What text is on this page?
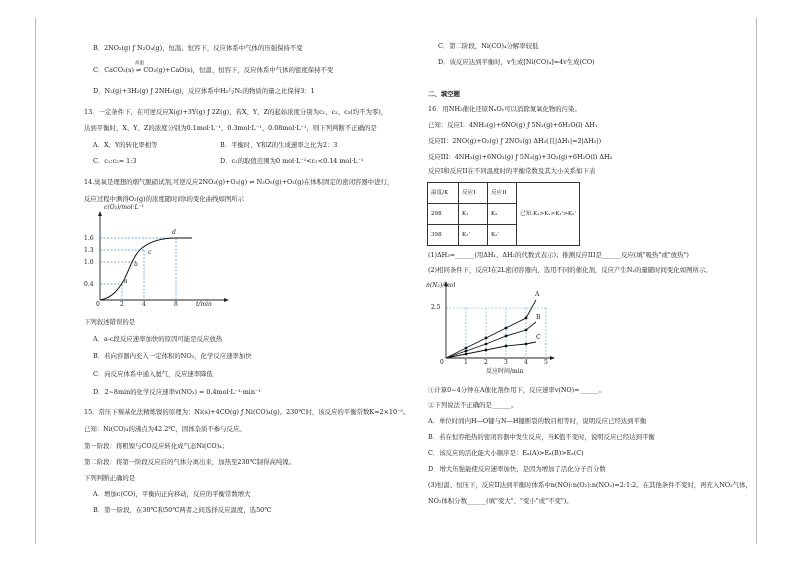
B．2NO₂(g) ƒ N₂O₄(g)，恒温、恒容下，反应体系中气体的压强保持不变
C．CaCO₃(s) ⇌ CO₂(g)+CaO(s)，恒温、恒容下，反应体系中气体的密度保持不变
高温
D．N₂(g)+3H₂(g) ƒ 2NH₃(g)，反应体系中H₂与N₂的物质的量之比保持3：1
13．一定条件下，在可逆反应X(g)+3Y(g) ƒ 2Z(g)，若X、Y、Z的起始浓度分别为c₁、c₂、c₃(均不为零)，
达到平衡时，X、Y、Z的浓度分别为0.1mol·L⁻¹、0.3mol·L⁻¹、0.08mol·L⁻¹，则下列判断不正确的是
A．X、Y的转化率相等	B．平衡时，Y和Z的生成速率之比为2：3
C．c₁:c₂= 1:3	D．c₁的取值范围为0 mol·L⁻¹<c₁<0.14 mol·L⁻¹
14.臭氧是理想的烟气脱硝试剂,可逆反应2NO₂(g)+O₃(g) ⇌ N₂O₅(g)+O₂(g)在体积固定的密闭容器中进行，
反应过程中测得O₂(g)的浓度随时间t的变化曲线如图所示
c(O₂)/mol·L⁻¹
1.6
1.3
1.0
0.4
0	2	4	8	t/min
a
b
c
d
下列叙述错误的是
A．a-c段反应速率加快的原因可能是反应放热
B．若向容器内充入一定体积的NO₂，化学反应速率加快
C．向反应体系中通入氦气，反应速率降低
D．2~8min的化学反应速率v(NO₂) = 0.4mol·L⁻¹·min⁻¹
15．常压下羰基化法精炼镍的原理为：Ni(s)+4CO(g) ƒ Ni(CO)₄(g)。230℃时，该反应的平衡常数K=2×10⁻⁵。
已知：Ni(CO)₄的沸点为42.2℃，固体杂质不参与反应。
第一阶段：将粗镍与CO反应转化成气态Ni(CO)₄；
第二阶段：将第一阶段反应后的气体分离出来，加热至230℃制得高纯镍。
下列判断正确的是
A．增加c(CO)，平衡向正向移动，反应的平衡常数增大
B．第一阶段，在30℃和50℃两者之间选择反应温度，选50℃
C．第二阶段，Ni(CO)₄分解率较低
D．该反应达到平衡时，v生成[Ni(CO)₄]=4v生成(CO)
二、填空题
16．用NH₃催化还原NₓOᵧ可以消除氮氧化物的污染。
已知：反应I：4NH₃(g)+6NO(g) ƒ 5N₂(g)+6H₂O(l) ΔH₁
反应II：2NO(g)+O₂(g) ƒ 2NO₂(g) ΔH₂(且|ΔH₁|=2|ΔH₂|)
反应III：4NH₃(g)+6NO₂(g) ƒ 5N₂(g)+3O₂(g)+6H₂O(l) ΔH₃
反应I和反应II在不同温度时的平衡常数及其大小关系如下表
温度/K	反应I	反应II	已知:K₁>K₂>K₁'>K₂'
298	K₁	K₂	
398	K₁'	K₂'	
(1)ΔH₃=______(用ΔH₁、ΔH₂的代数式表示)；推测反应III是______反应(填"吸热"或"放热")
(2)相同条件下，反应I在2L密闭容器内，选用不同的催化剂，反应产生N₂的量随时间变化如图所示。
n(N₂)/mol
2.5
0	1	2	3	4	5
反应时间/min
A
B
C
①计算0~4分钟在A催化剂作用下，反应速率v(NO)=______。
②下列说法不正确的是______。
A．单位时间内H—O键与N—H键断裂的数目相等时，说明反应已经达到平衡
B．若在恒容绝热的密闭容器中发生反应，当K值不变时，说明反应已经达到平衡
C．该反应的活化能大小顺序是：Eₐ(A)>Eₐ(B)>Eₐ(C)
D．增大压强能使反应速率加快，是因为增加了活化分子百分数
(3)恒温、恒压下，反应II达到平衡时体系中n(NO):n(O₂):n(NO₂)=2:1:2。在其他条件不变时，再充入NO₂气体，
NO₂体积分数______(填"变大"、"变小"或"不变")。
